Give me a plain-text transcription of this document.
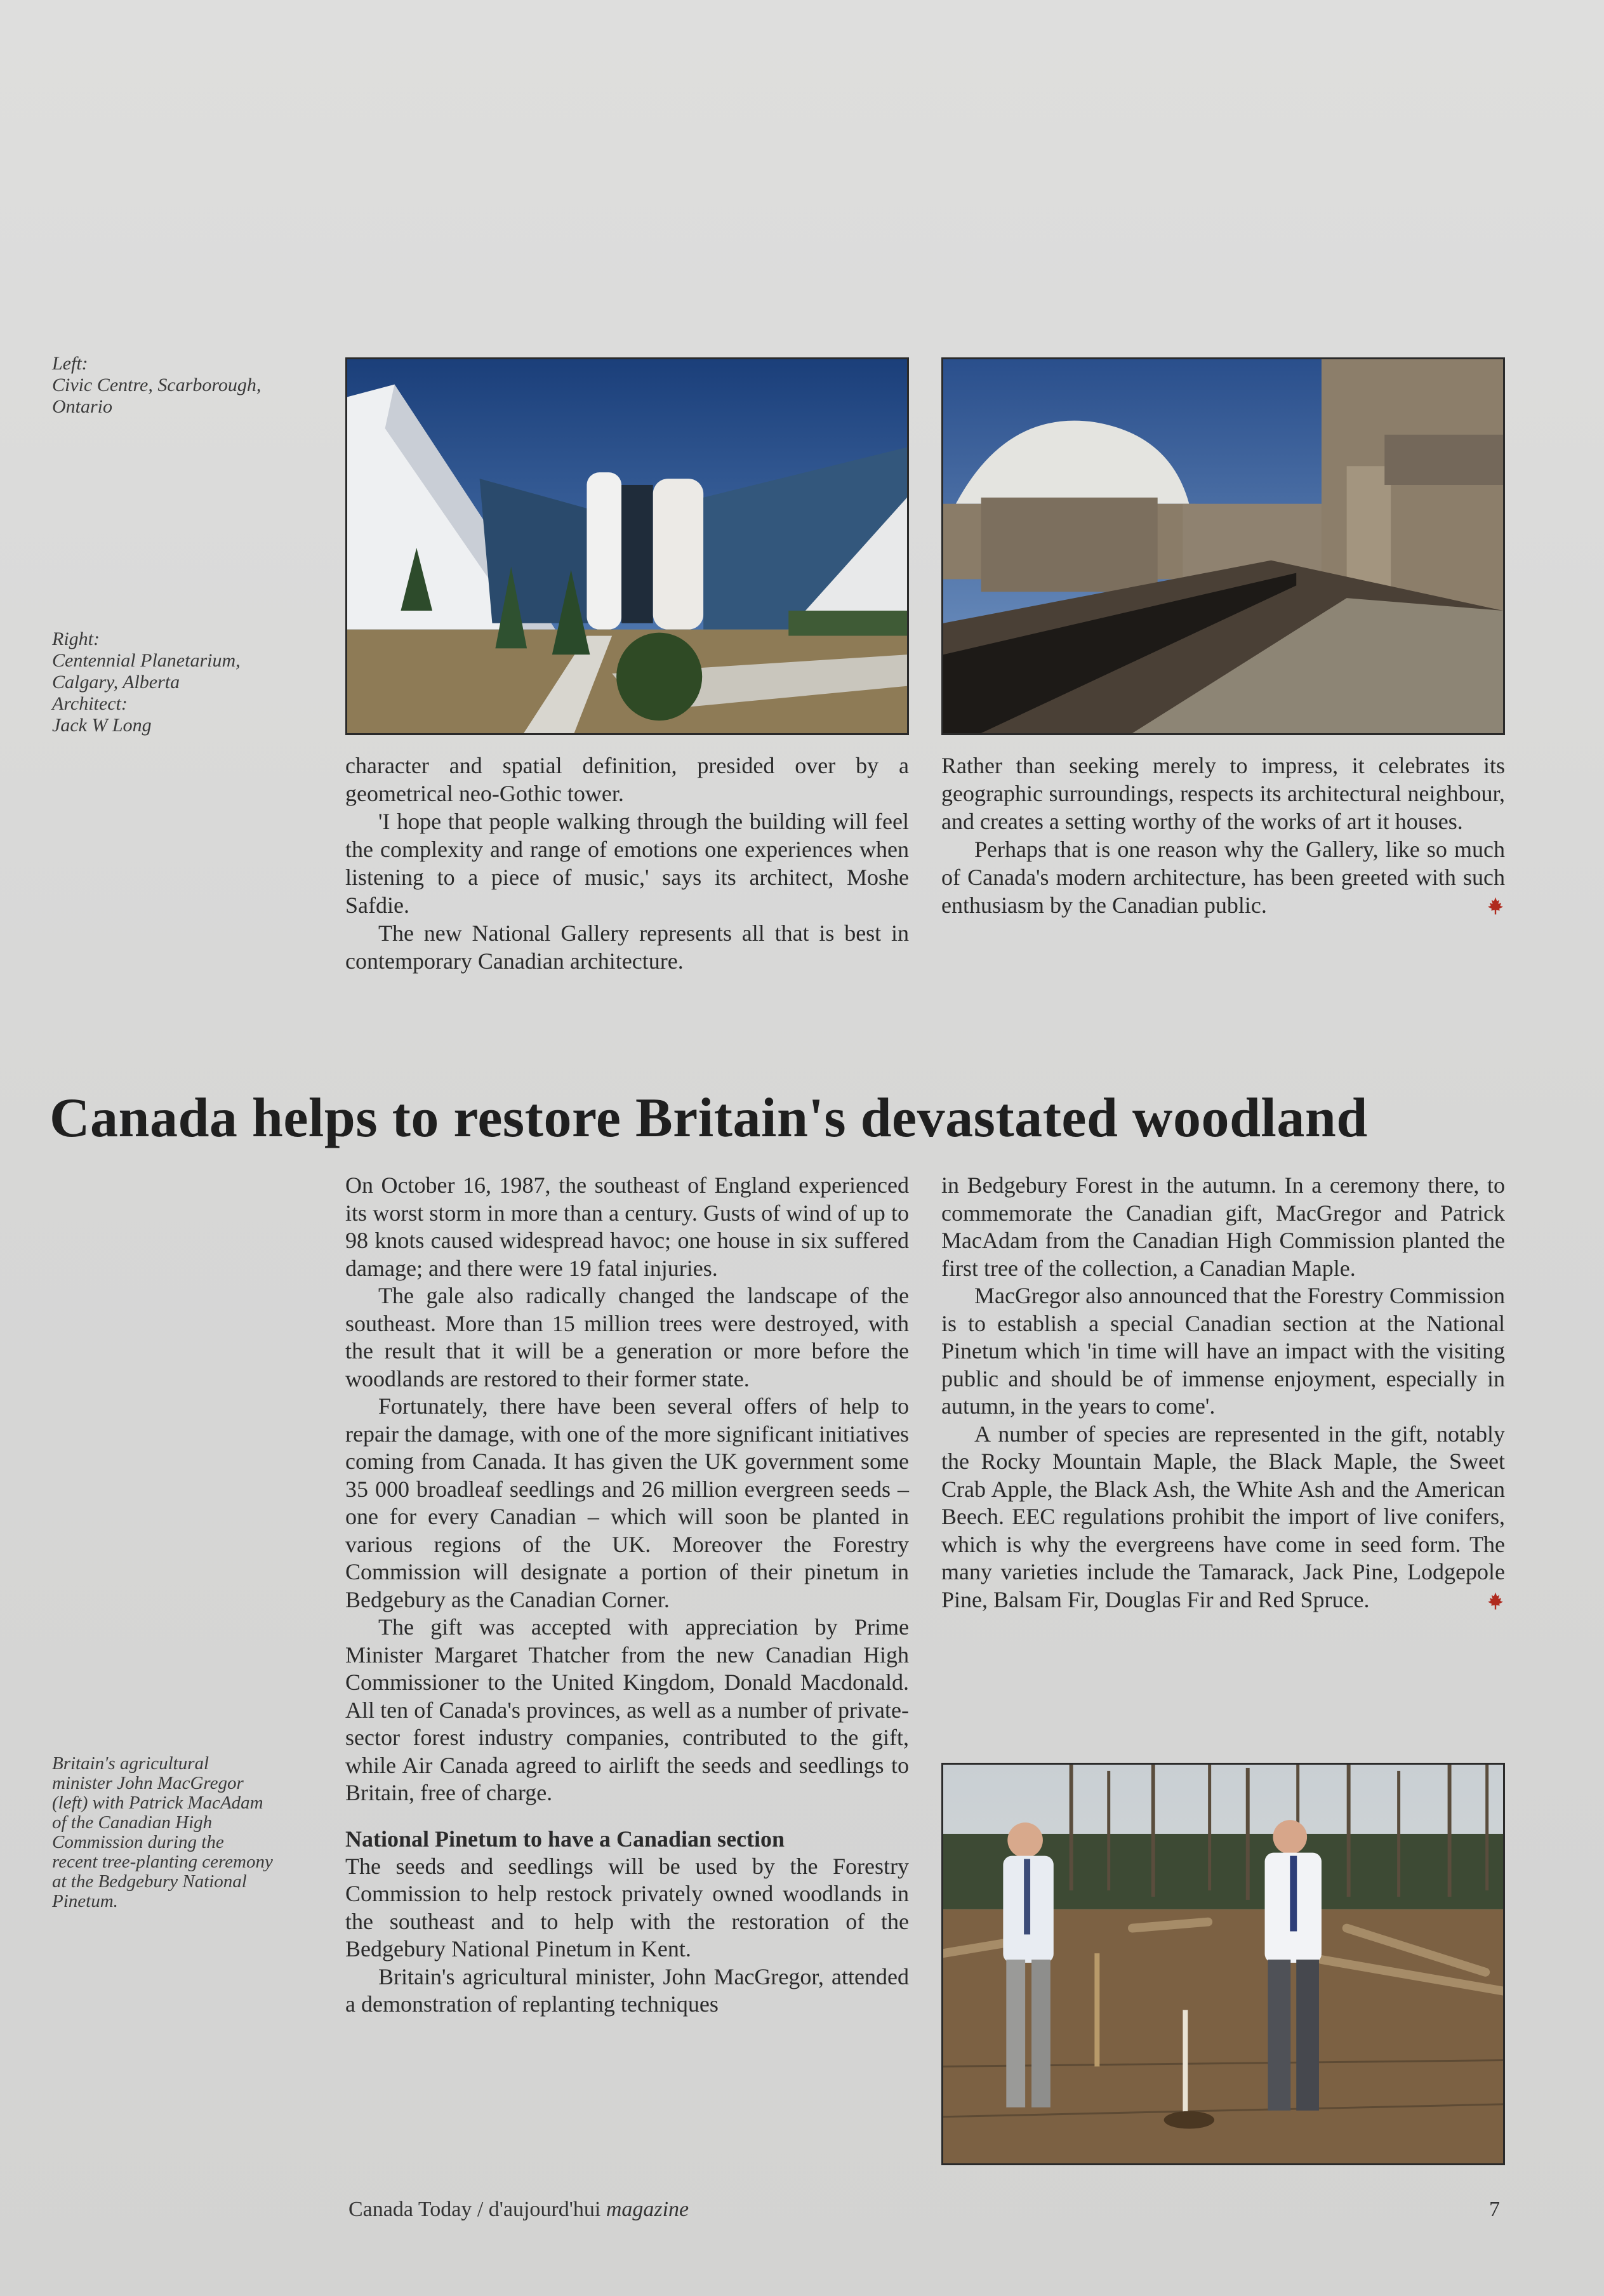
Left:
Civic Centre, Scarborough,
Ontario
Right:
Centennial Planetarium,
Calgary, Alberta
Architect:
Jack W Long

character and spatial definition, presided over by a geometrical neo-Gothic tower.

'I hope that people walking through the building will feel the complexity and range of emotions one experiences when listening to a piece of music,' says its architect, Moshe Safdie.

The new National Gallery represents all that is best in contemporary Canadian architecture.

Rather than seeking merely to impress, it celebrates its geographic surroundings, respects its architectural neighbour, and creates a setting worthy of the works of art it houses.

Perhaps that is one reason why the Gallery, like so much of Canada's modern architecture, has been greeted with such enthusiasm by the Canadian public.

Canada helps to restore Britain's devastated woodland
Britain's agricultural
minister John MacGregor
(left) with Patrick MacAdam
of the Canadian High
Commission during the
recent tree-planting ceremony
at the Bedgebury National
Pinetum.

On October 16, 1987, the southeast of England experienced its worst storm in more than a century. Gusts of wind of up to 98 knots caused widespread havoc; one house in six suffered damage; and there were 19 fatal injuries.

The gale also radically changed the landscape of the southeast. More than 15 million trees were destroyed, with the result that it will be a generation or more before the woodlands are restored to their former state.

Fortunately, there have been several offers of help to repair the damage, with one of the more significant initiatives coming from Canada. It has given the UK government some 35 000 broadleaf seedlings and 26 million evergreen seeds – one for every Canadian – which will soon be planted in various regions of the UK. Moreover the Forestry Commission will designate a portion of their pinetum in Bedgebury as the Canadian Corner.

The gift was accepted with appreciation by Prime Minister Margaret Thatcher from the new Canadian High Commissioner to the United Kingdom, Donald Macdonald. All ten of Canada's provinces, as well as a number of private-sector forest industry companies, contributed to the gift, while Air Canada agreed to airlift the seeds and seedlings to Britain, free of charge.

National Pinetum to have a Canadian section

The seeds and seedlings will be used by the Forestry Commission to help restock privately owned woodlands in the southeast and to help with the restoration of the Bedgebury National Pinetum in Kent.

Britain's agricultural minister, John MacGregor, attended a demonstration of replanting techniques

in Bedgebury Forest in the autumn. In a ceremony there, to commemorate the Canadian gift, MacGregor and Patrick MacAdam from the Canadian High Commission planted the first tree of the collection, a Canadian Maple.

MacGregor also announced that the Forestry Commission is to establish a special Canadian section at the National Pinetum which 'in time will have an impact with the visiting public and should be of immense enjoyment, especially in autumn, in the years to come'.

A number of species are represented in the gift, notably the Rocky Mountain Maple, the Black Maple, the Sweet Crab Apple, the Black Ash, the White Ash and the American Beech. EEC regulations prohibit the import of live conifers, which is why the evergreens have come in seed form. The many varieties include the Tamarack, Jack Pine, Lodgepole Pine, Balsam Fir, Douglas Fir and Red Spruce.

Canada Today / d'aujourd'hui magazine	7
